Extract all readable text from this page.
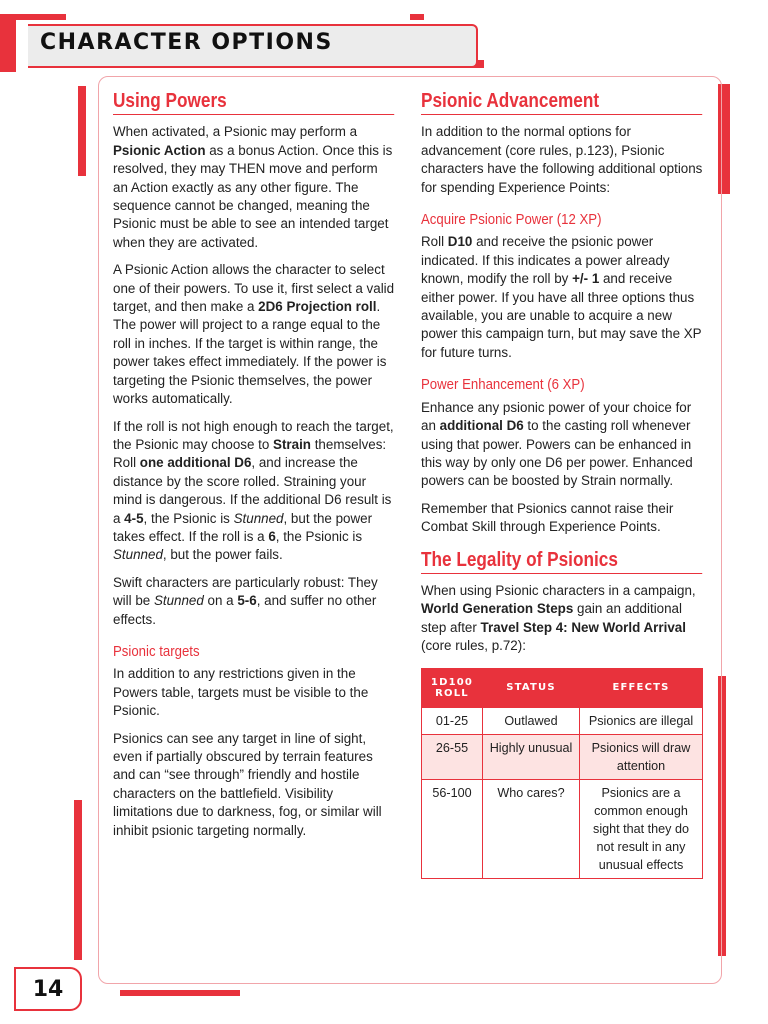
CHARACTER OPTIONS
Using Powers

When activated, a Psionic may perform a Psionic Action as a bonus Action. Once this is resolved, they may THEN move and perform an Action exactly as any other figure. The sequence cannot be changed, meaning the Psionic must be able to see an intended target when they are activated.

A Psionic Action allows the character to select one of their powers. To use it, first select a valid target, and then make a 2D6 Projection roll. The power will project to a range equal to the roll in inches. If the target is within range, the power takes effect immediately. If the power is targeting the Psionic themselves, the power works automatically.

If the roll is not high enough to reach the target, the Psionic may choose to Strain themselves: Roll one additional D6, and increase the distance by the score rolled. Straining your mind is dangerous. If the additional D6 result is a 4-5, the Psionic is Stunned, but the power takes effect. If the roll is a 6, the Psionic is Stunned, but the power fails.

Swift characters are particularly robust: They will be Stunned on a 5-6, and suffer no other effects.

Psionic targets

In addition to any restrictions given in the Powers table, targets must be visible to the Psionic.

Psionics can see any target in line of sight, even if partially obscured by terrain features and can “see through” friendly and hostile characters on the battlefield. Visibility limitations due to darkness, fog, or similar will inhibit psionic targeting normally.

Psionic Advancement

In addition to the normal options for advancement (core rules, p.123), Psionic characters have the following additional options for spending Experience Points:

Acquire Psionic Power (12 XP)

Roll D10 and receive the psionic power indicated. If this indicates a power already known, modify the roll by +/- 1 and receive either power. If you have all three options thus available, you are unable to acquire a new power this campaign turn, but may save the XP for future turns.

Power Enhancement (6 XP)

Enhance any psionic power of your choice for an additional D6 to the casting roll whenever using that power. Powers can be enhanced in this way by only one D6 per power. Enhanced powers can be boosted by Strain normally.

Remember that Psionics cannot raise their Combat Skill through Experience Points.

The Legality of Psionics

When using Psionic characters in a campaign, World Generation Steps gain an additional step after Travel Step 4: New World Arrival (core rules, p.72):

1D100 ROLL	STATUS	EFFECTS
01-25	Outlawed	Psionics are illegal
26-55	Highly unusual	Psionics will draw attention
56-100	Who cares?	Psionics are a common enough sight that they do not result in any unusual effects
14
